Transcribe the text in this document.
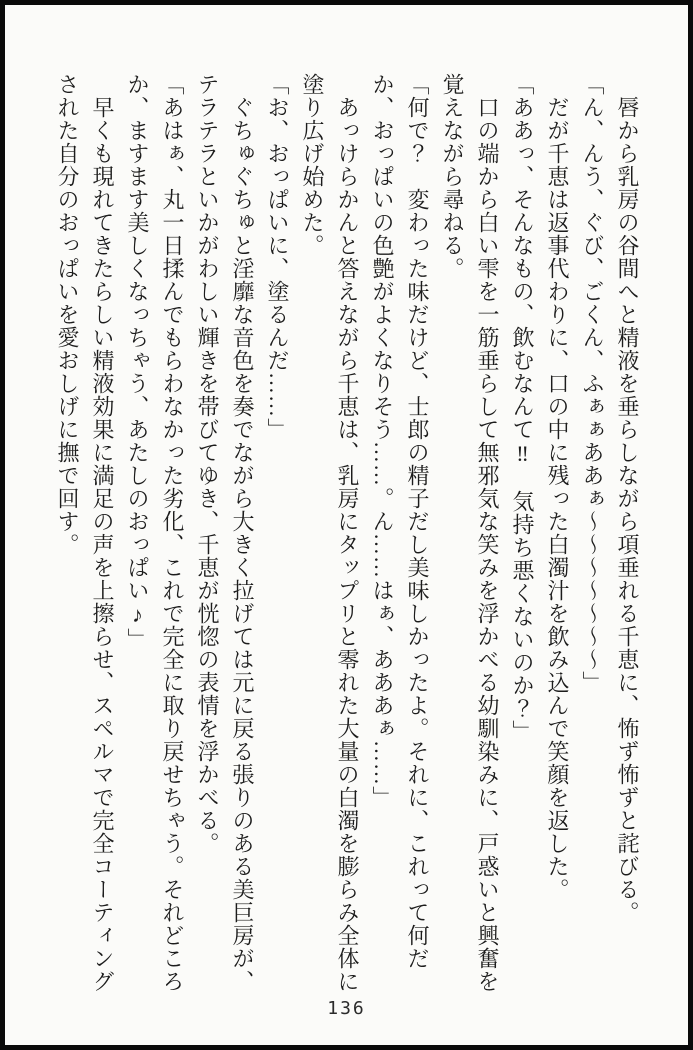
唇から乳房の谷間へと精液を垂らしながら項垂れる千恵に、怖ず怖ずと詫びる。

「ん、んう、ぐび、ごくん、ふぁぁああぁ～～～～～～～」

だが千恵は返事代わりに、口の中に残った白濁汁を飲み込んで笑顔を返した。

「ああっ、そんなもの、飲むなんて‼　気持ち悪くないのか？」

口の端から白い雫を一筋垂らして無邪気な笑みを浮かべる幼馴染みに、戸惑いと興奮を覚えながら尋ねる。

「何で？　変わった味だけど、士郎の精子だし美味しかったよ。それに、これって何だか、おっぱいの色艶がよくなりそう……。ん……はぁ、あああぁ……」

あっけらかんと答えながら千恵は、乳房にタップリと零れた大量の白濁を膨らみ全体に塗り広げ始めた。

「お、おっぱいに、塗るんだ……」

ぐちゅぐちゅと淫靡な音色を奏でながら大きく拉げては元に戻る張りのある美巨房が、テラテラといかがわしい輝きを帯びてゆき、千恵が恍惚の表情を浮かべる。

「あはぁ、丸一日揉んでもらわなかった劣化、これで完全に取り戻せちゃう。それどころか、ますます美しくなっちゃう、あたしのおっぱい♪」

早くも現れてきたらしい精液効果に満足の声を上擦らせ、スペルマで完全コーティングされた自分のおっぱいを愛おしげに撫で回す。

136
